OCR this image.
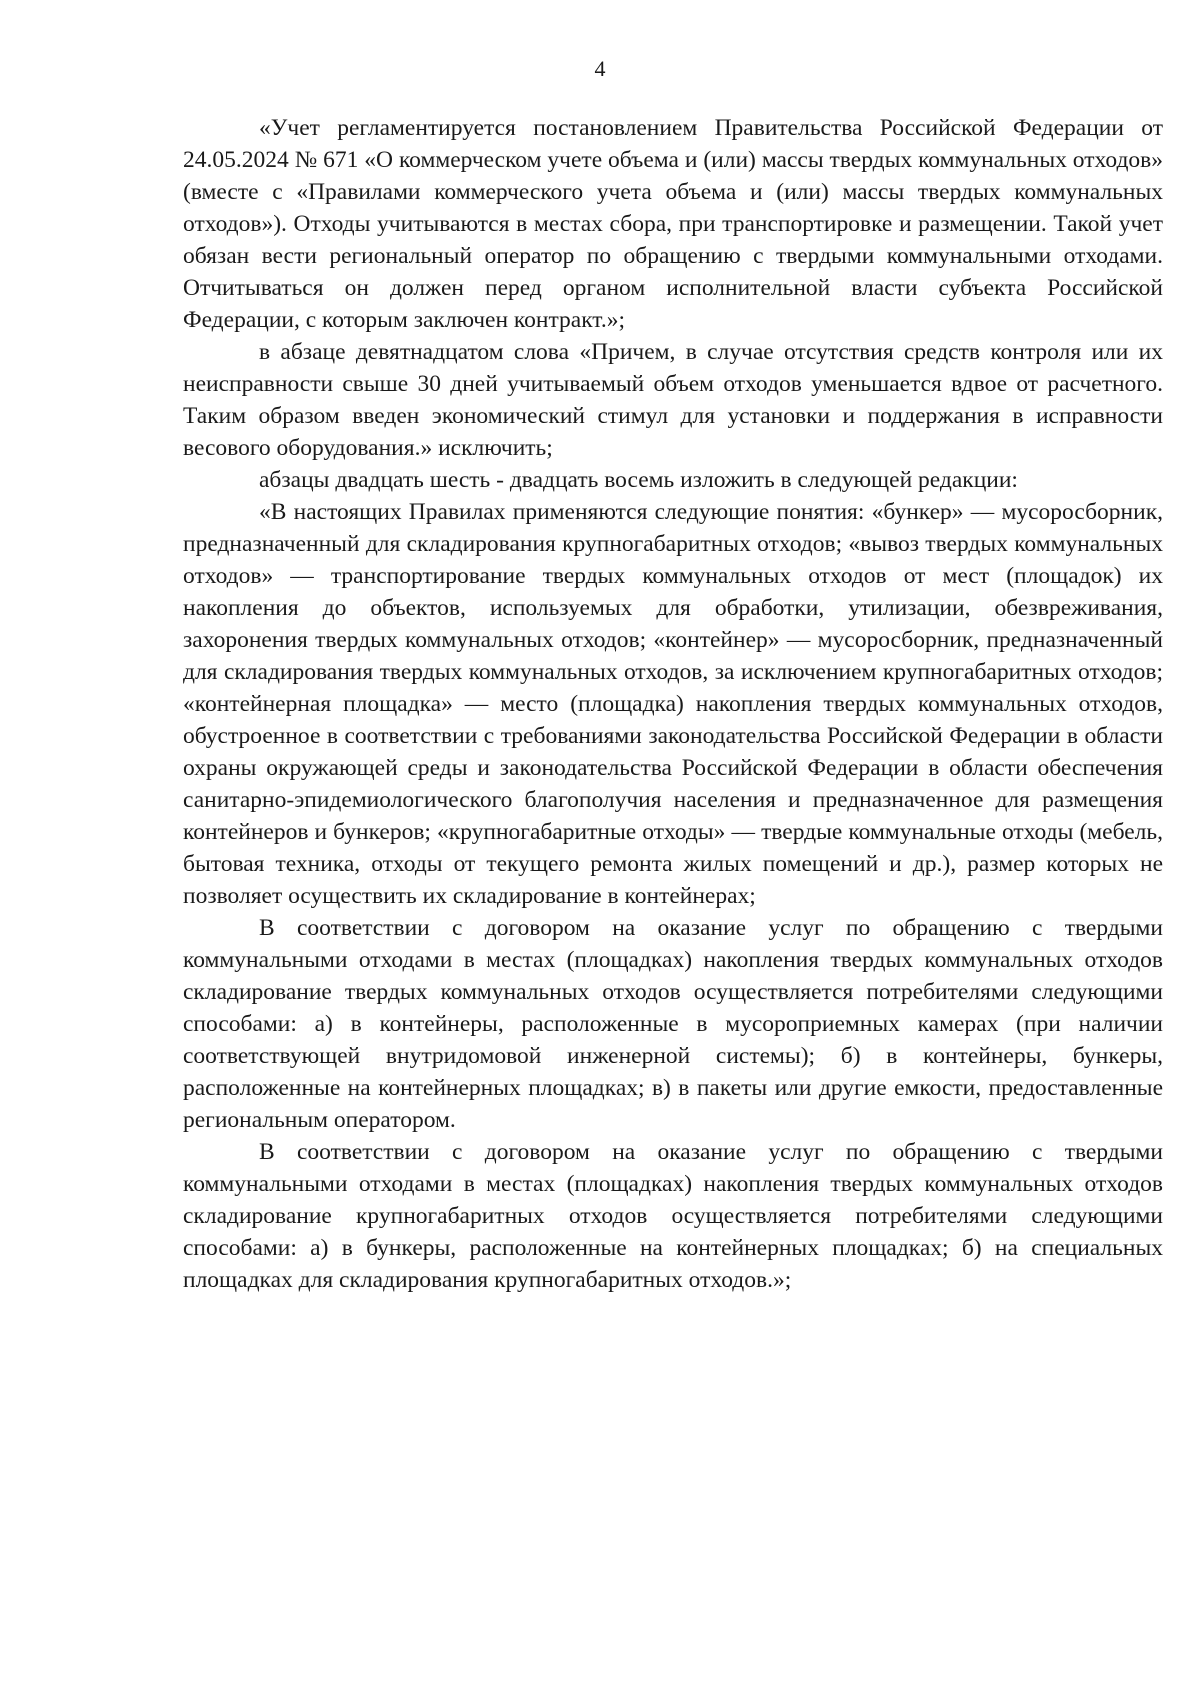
4

«Учет регламентируется постановлением Правительства Российской Федерации от 24.05.2024 № 671 «О коммерческом учете объема и (или) массы твердых коммунальных отходов» (вместе с «Правилами коммерческого учета объема и (или) массы твердых коммунальных отходов»). Отходы учитываются в местах сбора, при транспортировке и размещении. Такой учет обязан вести региональный оператор по обращению с твердыми коммунальными отходами. Отчитываться он должен перед органом исполнительной власти субъекта Российской Федерации, с которым заключен контракт.»;

в абзаце девятнадцатом слова «Причем, в случае отсутствия средств контроля или их неисправности свыше 30 дней учитываемый объем отходов уменьшается вдвое от расчетного. Таким образом введен экономический стимул для установки и поддержания в исправности весового оборудования.» исключить;

абзацы двадцать шесть - двадцать восемь изложить в следующей редакции:

«В настоящих Правилах применяются следующие понятия: «бункер» — мусоросборник, предназначенный для складирования крупногабаритных отходов; «вывоз твердых коммунальных отходов» — транспортирование твердых коммунальных отходов от мест (площадок) их накопления до объектов, используемых для обработки, утилизации, обезвреживания, захоронения твердых коммунальных отходов; «контейнер» — мусоросборник, предназначенный для складирования твердых коммунальных отходов, за исключением крупногабаритных отходов; «контейнерная площадка» — место (площадка) накопления твердых коммунальных отходов, обустроенное в соответствии с требованиями законодательства Российской Федерации в области охраны окружающей среды и законодательства Российской Федерации в области обеспечения санитарно-эпидемиологического благополучия населения и предназначенное для размещения контейнеров и бункеров; «крупногабаритные отходы» — твердые коммунальные отходы (мебель, бытовая техника, отходы от текущего ремонта жилых помещений и др.), размер которых не позволяет осуществить их складирование в контейнерах;

В соответствии с договором на оказание услуг по обращению с твердыми коммунальными отходами в местах (площадках) накопления твердых коммунальных отходов складирование твердых коммунальных отходов осуществляется потребителями следующими способами: а) в контейнеры, расположенные в мусороприемных камерах (при наличии соответствующей внутридомовой инженерной системы); б) в контейнеры, бункеры, расположенные на контейнерных площадках; в) в пакеты или другие емкости, предоставленные региональным оператором.

В соответствии с договором на оказание услуг по обращению с твердыми коммунальными отходами в местах (площадках) накопления твердых коммунальных отходов складирование крупногабаритных отходов осуществляется потребителями следующими способами: а) в бункеры, расположенные на контейнерных площадках; б) на специальных площадках для складирования крупногабаритных отходов.»;
